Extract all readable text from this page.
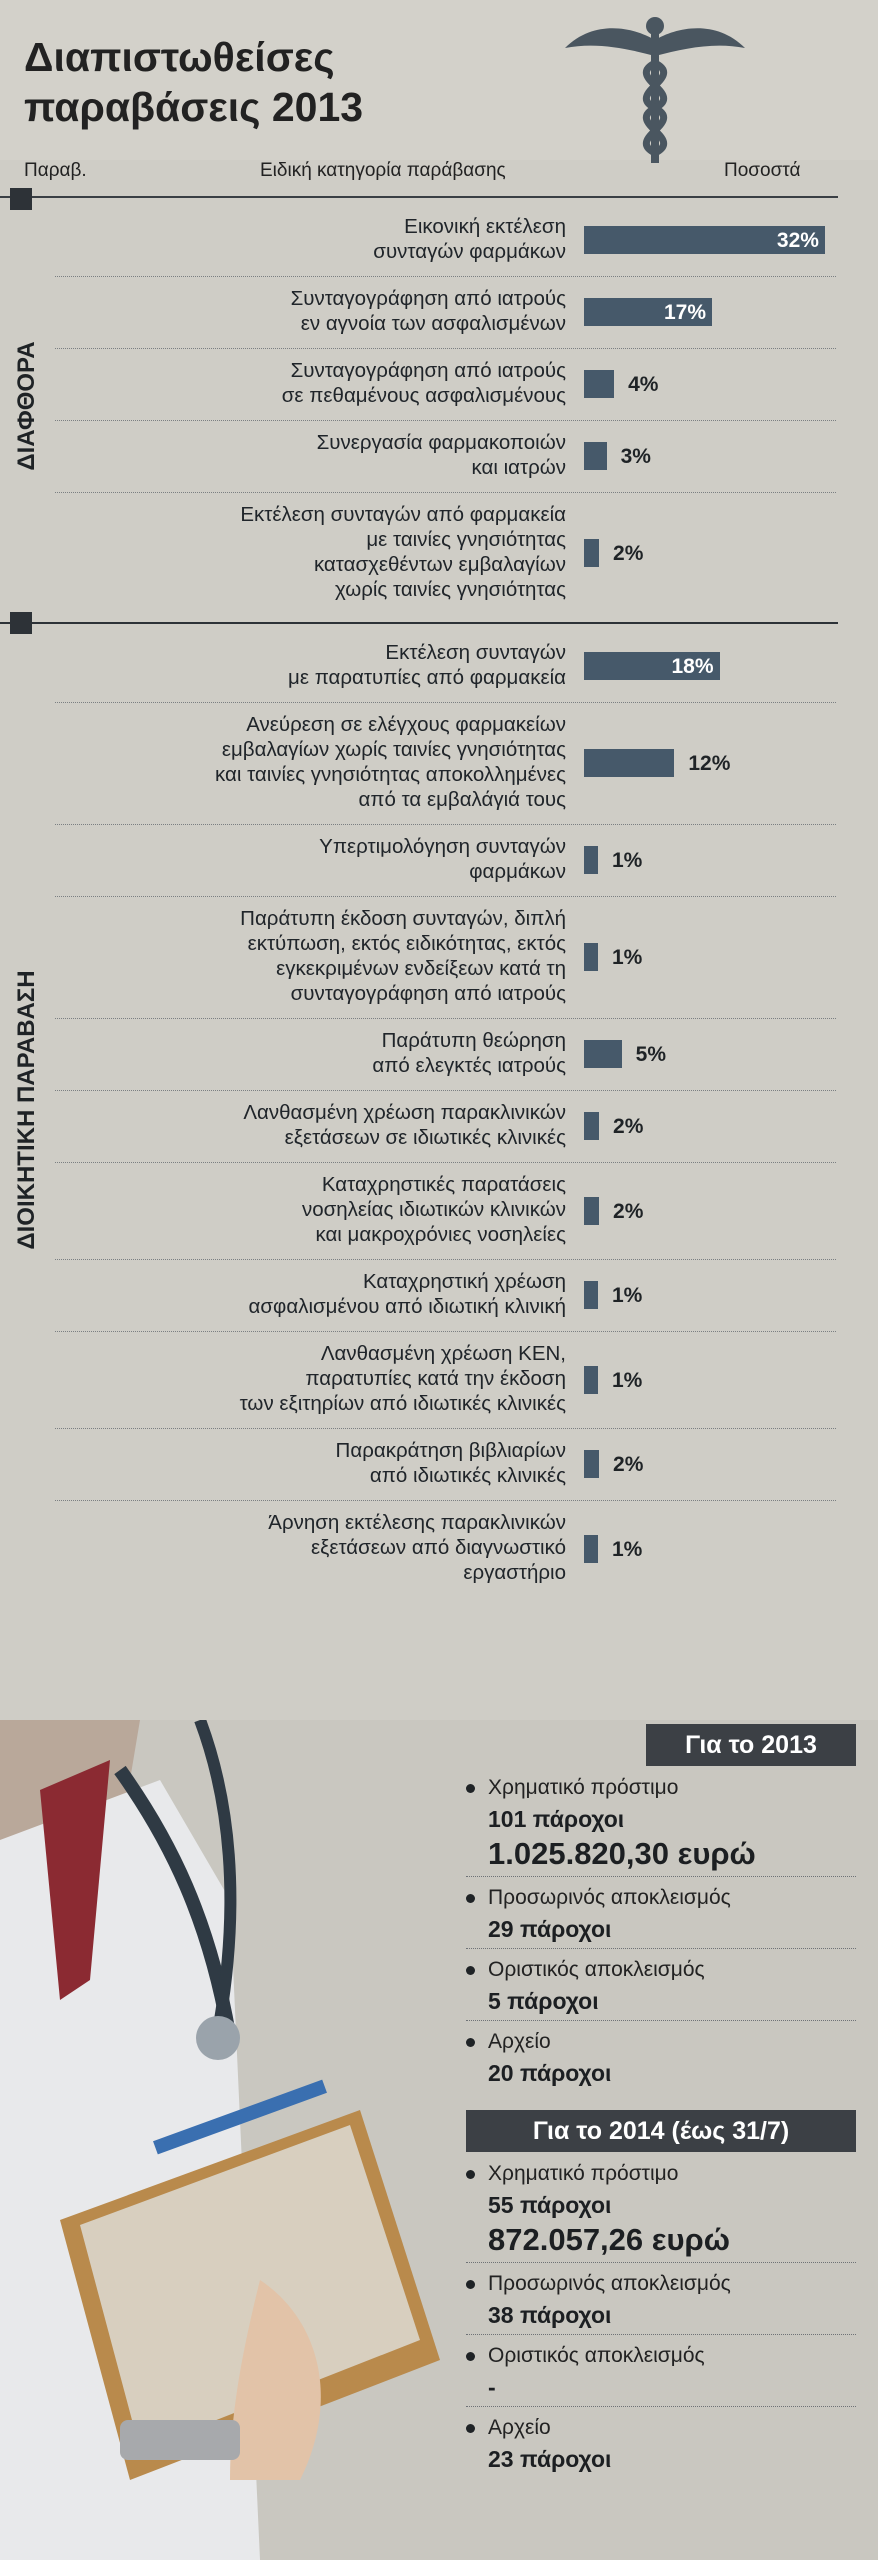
Διαπιστωθείσες
παραβάσεις 2013
Παραβ.	Ειδική κατηγορία παράβασης	Ποσοστά
Εικονική εκτέλεση
συνταγών φαρμάκων	32%
Συνταγογράφηση από ιατρούς
εν αγνοία των ασφαλισμένων	17%
Συνταγογράφηση από ιατρούς
σε πεθαμένους ασφαλισμένους	4%
Συνεργασία φαρμακοποιών
και ιατρών	3%
Εκτέλεση συνταγών από φαρμακεία
με ταινίες γνησιότητας
κατασχεθέντων εμβαλαγίων
χωρίς ταινίες γνησιότητας
2%
ΔΙΑΦΘΟΡΑ
Εκτέλεση συνταγών
με παρατυπίες από φαρμακεία	18%
Ανεύρεση σε ελέγχους φαρμακείων
εμβαλαγίων χωρίς ταινίες γνησιότητας
και ταινίες γνησιότητας αποκολλημένες
από τα εμβαλάγιά τους
12%
Υπερτιμολόγηση συνταγών
φαρμάκων 1%
Παράτυπη έκδοση συνταγών, διπλή
εκτύπωση, εκτός ειδικότητας, εκτός
εγκεκριμένων ενδείξεων κατά τη
συνταγογράφηση από ιατρούς
1%
Παράτυπη θεώρηση
από ελεγκτές ιατρούς	5%
Λανθασμένη χρέωση παρακλινικών
εξετάσεων σε ιδιωτικές κλινικές 2%
Καταχρηστικές παρατάσεις
νοσηλείας ιδιωτικών κλινικών
και μακροχρόνιες νοσηλείες
2%
Καταχρηστική χρέωση
ασφαλισμένου από ιδιωτική κλινική 1%
Λανθασμένη χρέωση ΚΕΝ,
παρατυπίες κατά την έκδοση
των εξιτηρίων από ιδιωτικές κλινικές
1%
Παρακράτηση βιβλιαρίων
από ιδιωτικές κλινικές 2%
Άρνηση εκτέλεσης παρακλινικών
εξετάσεων από διαγνωστικό
εργαστήριο
1%
ΔΙΟΙΚΗΤΙΚΗ ΠΑΡΑΒΑΣΗ
Για το 2013
Χρηματικό πρόστιμο
101 πάροχοι
1.025.820,30 ευρώ
Προσωρινός αποκλεισμός
29 πάροχοι
Οριστικός αποκλεισμός
5 πάροχοι
Αρχείο
20 πάροχοι
Για το 2014 (έως 31/7)
Χρηματικό πρόστιμο
55 πάροχοι
872.057,26 ευρώ
Προσωρινός αποκλεισμός
38 πάροχοι
Οριστικός αποκλεισμός
-
Αρχείο
23 πάροχοι
